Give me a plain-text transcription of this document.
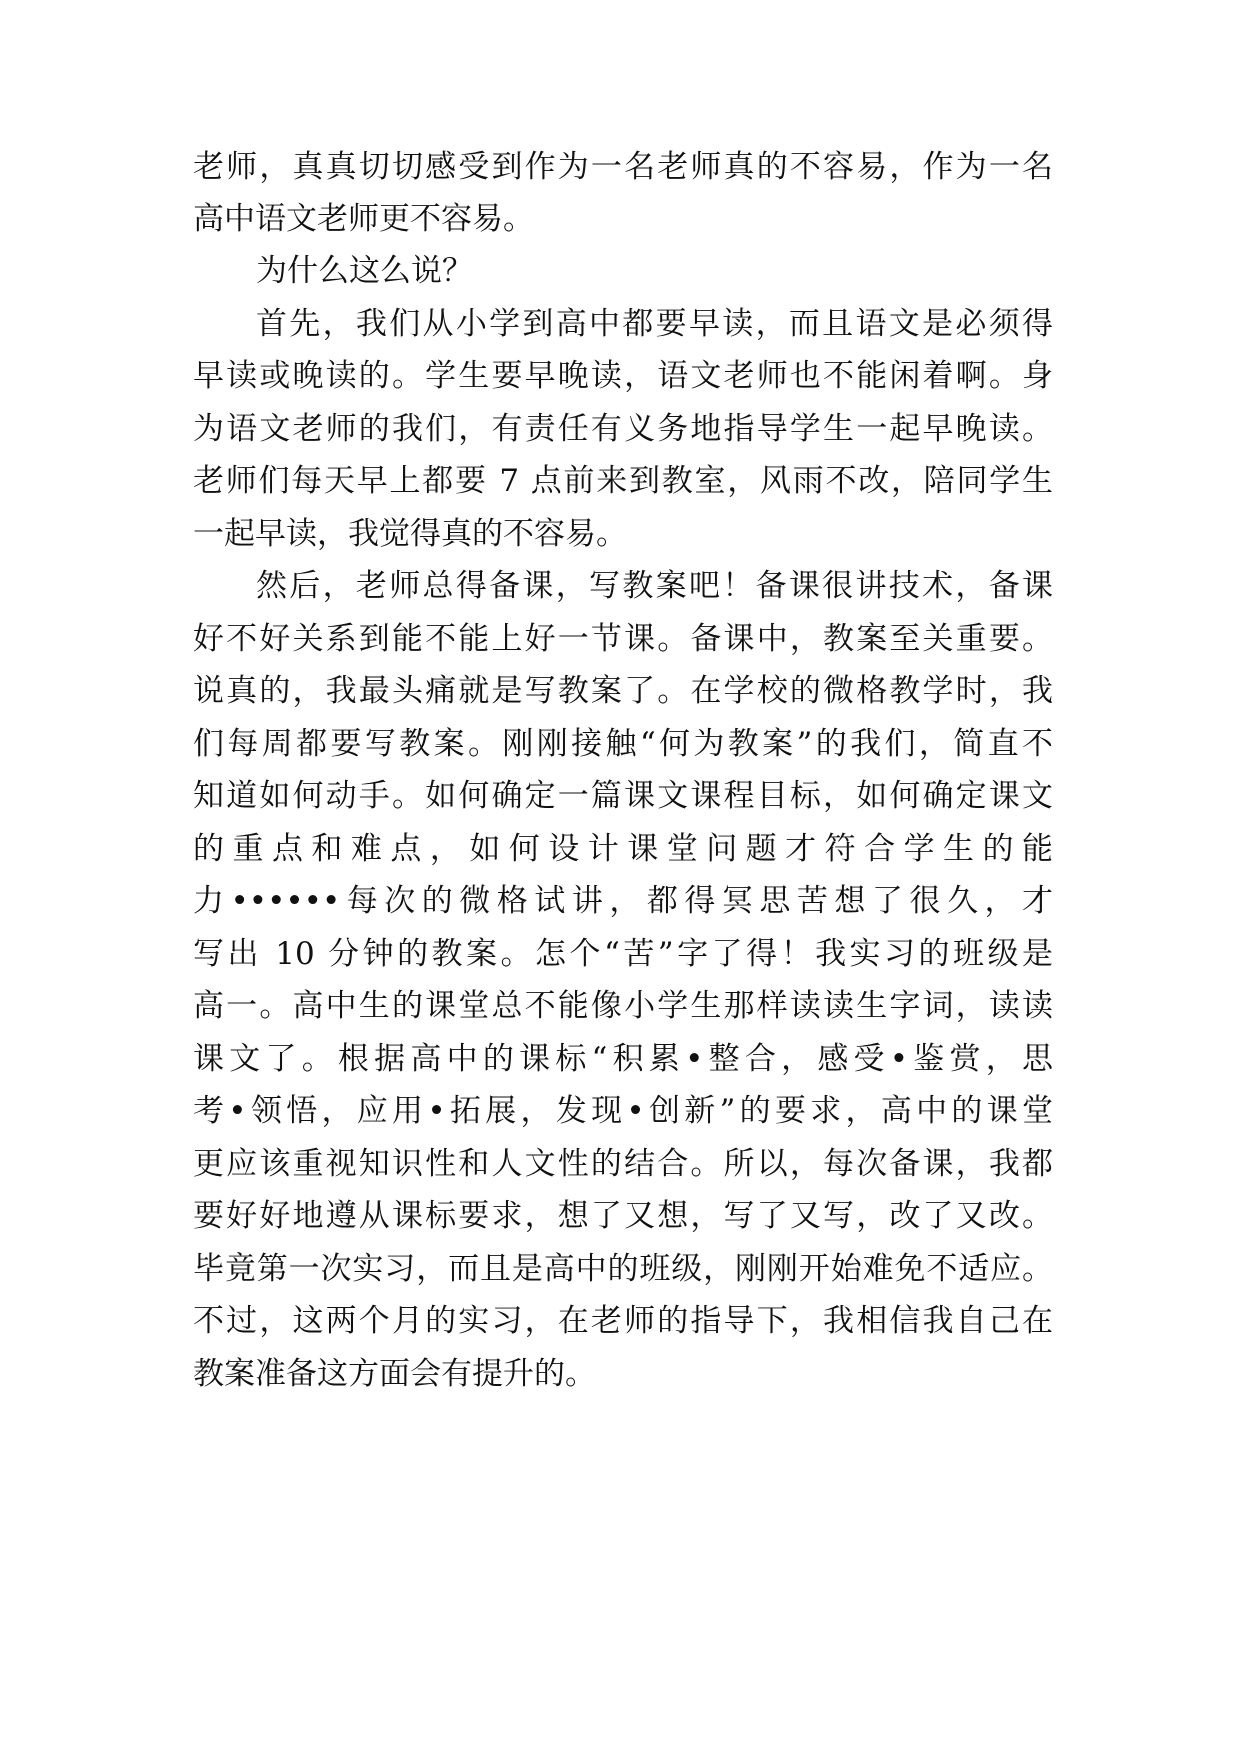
老师，真真切切感受到作为一名老师真的不容易，作为一名
高中语文老师更不容易。
为什么这么说？
首先，我们从小学到高中都要早读，而且语文是必须得
早读或晚读的。学生要早晚读，语文老师也不能闲着啊。身
为语文老师的我们，有责任有义务地指导学生一起早晚读。
老师们每天早上都要 7 点前来到教室，风雨不改，陪同学生
一起早读，我觉得真的不容易。
然后，老师总得备课，写教案吧！备课很讲技术，备课
好不好关系到能不能上好一节课。备课中，教案至关重要。
说真的，我最头痛就是写教案了。在学校的微格教学时，我
们每周都要写教案。刚刚接触“何为教案”的我们，简直不
知道如何动手。如何确定一篇课文课程目标，如何确定课文
的重点和难点，如何设计课堂问题才符合学生的能
力••••••每次的微格试讲，都得冥思苦想了很久，才
写出 10 分钟的教案。怎个“苦”字了得！我实习的班级是
高一。高中生的课堂总不能像小学生那样读读生字词，读读
课文了。根据高中的课标“积累•整合，感受•鉴赏，思
考•领悟，应用•拓展，发现•创新”的要求，高中的课堂
更应该重视知识性和人文性的结合。所以，每次备课，我都
要好好地遵从课标要求，想了又想，写了又写，改了又改。
毕竟第一次实习，而且是高中的班级，刚刚开始难免不适应。
不过，这两个月的实习，在老师的指导下，我相信我自己在
教案准备这方面会有提升的。
